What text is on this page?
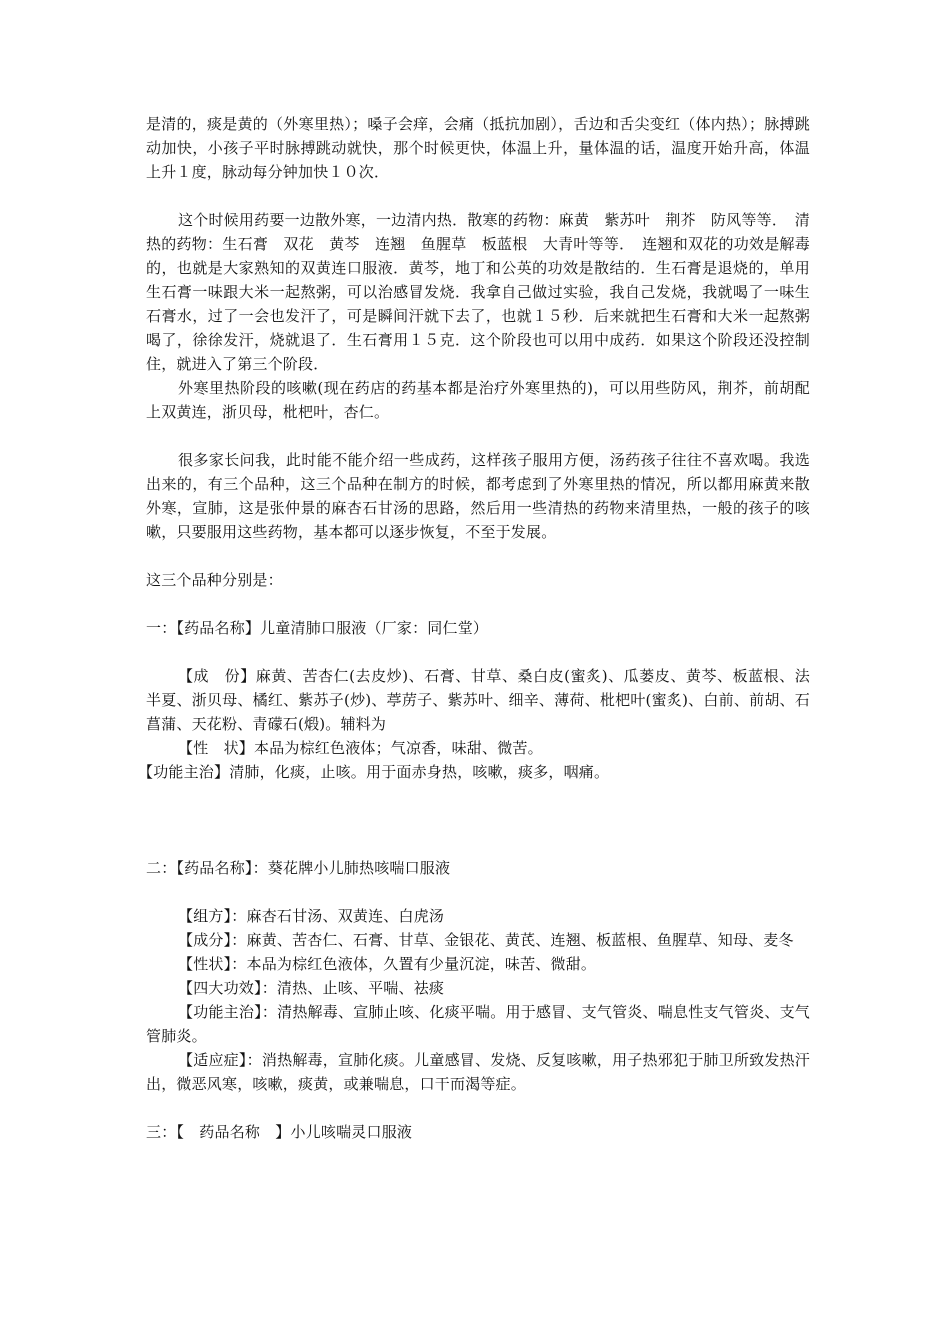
是清的，痰是黄的（外寒里热）；嗓子会痒，会痛（抵抗加剧），舌边和舌尖变红（体内热）；脉搏跳动加快，小孩子平时脉搏跳动就快，那个时候更快，体温上升，量体温的话，温度开始升高，体温上升１度，脉动每分钟加快１０次．

这个时候用药要一边散外寒，一边清内热．散寒的药物：麻黄　紫苏叶　荆芥　防风等等．　清热的药物：生石膏　双花　黄芩　连翘　鱼腥草　板蓝根　大青叶等等．　连翘和双花的功效是解毒的，也就是大家熟知的双黄连口服液．黄芩，地丁和公英的功效是散结的．生石膏是退烧的，单用生石膏一味跟大米一起熬粥，可以治感冒发烧．我拿自己做过实验，我自己发烧，我就喝了一味生石膏水，过了一会也发汗了，可是瞬间汗就下去了，也就１５秒．后来就把生石膏和大米一起熬粥喝了，徐徐发汗，烧就退了．生石膏用１５克．这个阶段也可以用中成药．如果这个阶段还没控制住，就进入了第三个阶段．

外寒里热阶段的咳嗽(现在药店的药基本都是治疗外寒里热的)，可以用些防风，荆芥，前胡配上双黄连，浙贝母，枇杷叶，杏仁。

很多家长问我，此时能不能介绍一些成药，这样孩子服用方便，汤药孩子往往不喜欢喝。我选出来的，有三个品种，这三个品种在制方的时候，都考虑到了外寒里热的情况，所以都用麻黄来散外寒，宣肺，这是张仲景的麻杏石甘汤的思路，然后用一些清热的药物来清里热，一般的孩子的咳嗽，只要服用这些药物，基本都可以逐步恢复，不至于发展。

这三个品种分别是：

一：【药品名称】儿童清肺口服液（厂家：同仁堂）

【成　份】麻黄、苦杏仁(去皮炒)、石膏、甘草、桑白皮(蜜炙)、瓜蒌皮、黄芩、板蓝根、法半夏、浙贝母、橘红、紫苏子(炒)、葶苈子、紫苏叶、细辛、薄荷、枇杷叶(蜜炙)、白前、前胡、石菖蒲、天花粉、青礞石(煅)。辅料为

【性　状】本品为棕红色液体；气凉香，味甜、微苦。

【功能主治】清肺，化痰，止咳。用于面赤身热，咳嗽，痰多，咽痛。

二：【药品名称】：葵花牌小儿肺热咳喘口服液

【组方】：麻杏石甘汤、双黄连、白虎汤

【成分】：麻黄、苦杏仁、石膏、甘草、金银花、黄芪、连翘、板蓝根、鱼腥草、知母、麦冬

【性状】：本品为棕红色液体，久置有少量沉淀，味苦、微甜。

【四大功效】：清热、止咳、平喘、祛痰

【功能主治】：清热解毒、宣肺止咳、化痰平喘。用于感冒、支气管炎、喘息性支气管炎、支气管肺炎。

【适应症】：消热解毒，宣肺化痰。儿童感冒、发烧、反复咳嗽，用子热邪犯于肺卫所致发热汗出，微恶风寒，咳嗽，痰黄，或兼喘息，口干而渴等症。

三：【　药品名称　】小儿咳喘灵口服液
